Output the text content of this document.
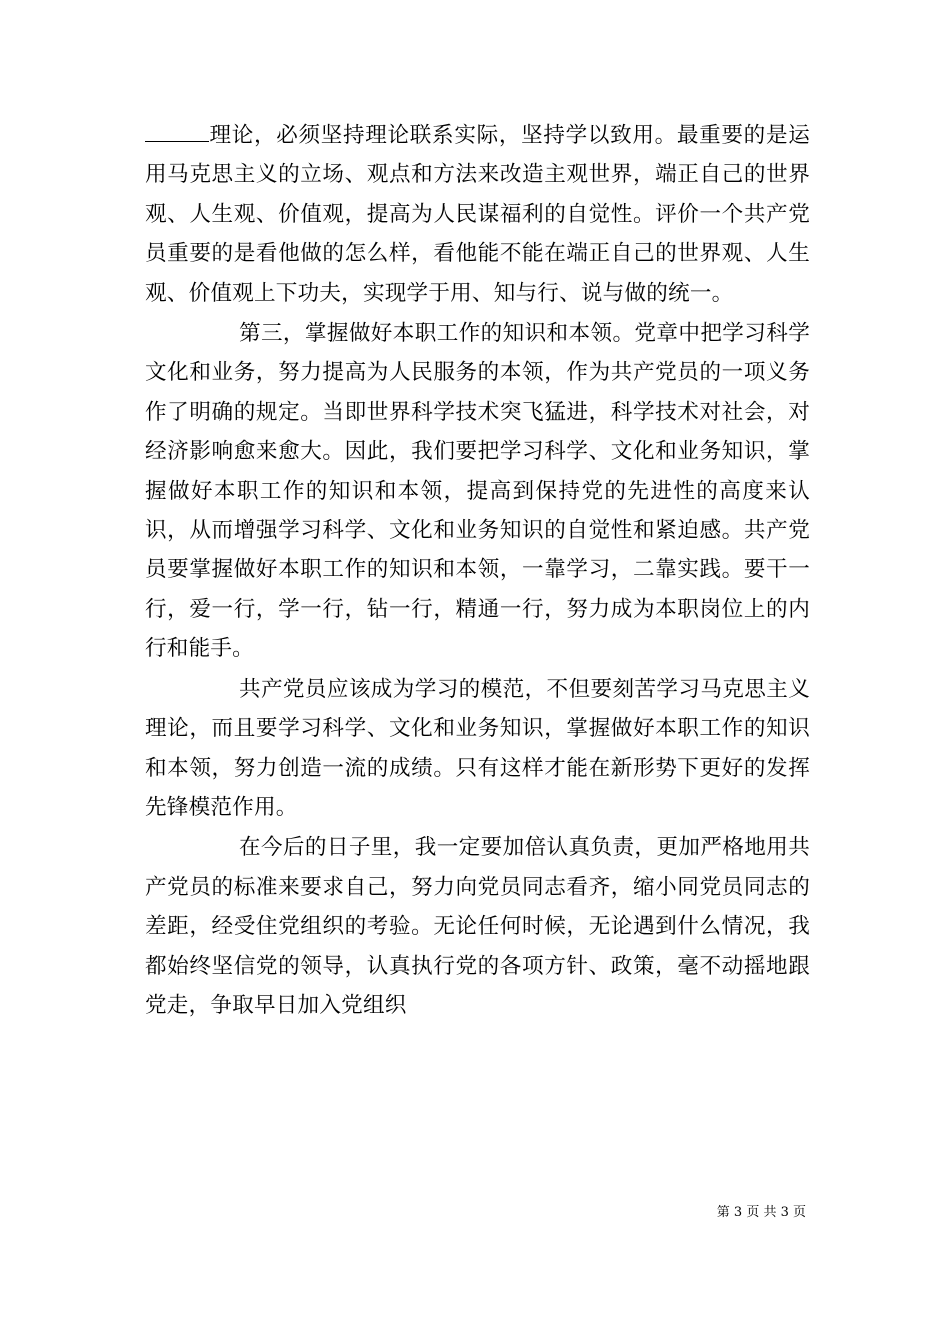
理论，必须坚持理论联系实际，坚持学以致用。最重要的是运用马克思主义的立场、观点和方法来改造主观世界，端正自己的世界观、人生观、价值观，提高为人民谋福利的自觉性。评价一个共产党员重要的是看他做的怎么样，看他能不能在端正自己的世界观、人生观、价值观上下功夫，实现学于用、知与行、说与做的统一。

第三，掌握做好本职工作的知识和本领。党章中把学习科学文化和业务，努力提高为人民服务的本领，作为共产党员的一项义务作了明确的规定。当即世界科学技术突飞猛进，科学技术对社会，对经济影响愈来愈大。因此，我们要把学习科学、文化和业务知识，掌握做好本职工作的知识和本领，提高到保持党的先进性的高度来认识，从而增强学习科学、文化和业务知识的自觉性和紧迫感。共产党员要掌握做好本职工作的知识和本领，一靠学习，二靠实践。要干一行，爱一行，学一行，钻一行，精通一行，努力成为本职岗位上的内行和能手。

共产党员应该成为学习的模范，不但要刻苦学习马克思主义理论，而且要学习科学、文化和业务知识，掌握做好本职工作的知识和本领，努力创造一流的成绩。只有这样才能在新形势下更好的发挥先锋模范作用。

在今后的日子里，我一定要加倍认真负责，更加严格地用共产党员的标准来要求自己，努力向党员同志看齐，缩小同党员同志的差距，经受住党组织的考验。无论任何时候，无论遇到什么情况，我都始终坚信党的领导，认真执行党的各项方针、政策，毫不动摇地跟党走，争取早日加入党组织

第 3 页 共 3 页
